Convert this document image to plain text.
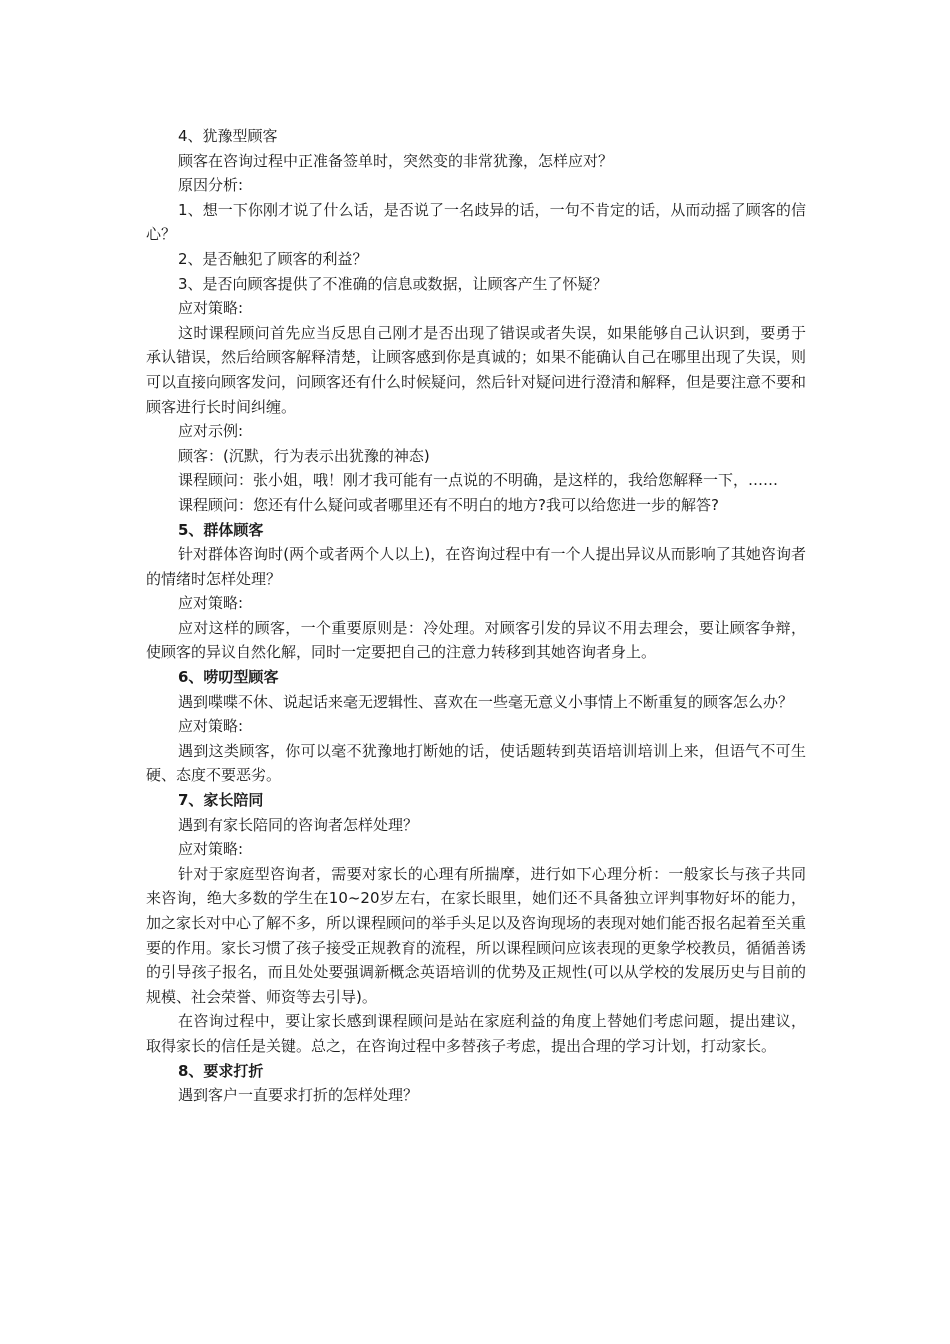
4、犹豫型顾客

顾客在咨询过程中正准备签单时，突然变的非常犹豫，怎样应对？

原因分析:

1、想一下你刚才说了什么话，是否说了一名歧异的话，一句不肯定的话，从而动摇了顾客的信心？

2、是否触犯了顾客的利益？

3、是否向顾客提供了不准确的信息或数据，让顾客产生了怀疑？

应对策略:

这时课程顾问首先应当反思自己刚才是否出现了错误或者失误，如果能够自己认识到，要勇于承认错误，然后给顾客解释清楚，让顾客感到你是真诚的；如果不能确认自己在哪里出现了失误，则可以直接向顾客发问，问顾客还有什么时候疑问，然后针对疑问进行澄清和解释，但是要注意不要和顾客进行长时间纠缠。

应对示例:

顾客：(沉默，行为表示出犹豫的神态)

课程顾问：张小姐，哦！刚才我可能有一点说的不明确，是这样的，我给您解释一下，……

课程顾问：您还有什么疑问或者哪里还有不明白的地方?我可以给您进一步的解答?

5、群体顾客

针对群体咨询时(两个或者两个人以上)，在咨询过程中有一个人提出异议从而影响了其她咨询者的情绪时怎样处理？

应对策略:

应对这样的顾客，一个重要原则是：冷处理。对顾客引发的异议不用去理会，要让顾客争辩，使顾客的异议自然化解，同时一定要把自己的注意力转移到其她咨询者身上。

6、唠叨型顾客

遇到喋喋不休、说起话来毫无逻辑性、喜欢在一些毫无意义小事情上不断重复的顾客怎么办？

应对策略:

遇到这类顾客，你可以毫不犹豫地打断她的话，使话题转到英语培训培训上来，但语气不可生硬、态度不要恶劣。

7、家长陪同

遇到有家长陪同的咨询者怎样处理？

应对策略:

针对于家庭型咨询者，需要对家长的心理有所揣摩，进行如下心理分析：一般家长与孩子共同来咨询，绝大多数的学生在10~20岁左右，在家长眼里，她们还不具备独立评判事物好坏的能力，加之家长对中心了解不多，所以课程顾问的举手头足以及咨询现场的表现对她们能否报名起着至关重要的作用。家长习惯了孩子接受正规教育的流程，所以课程顾问应该表现的更象学校教员，循循善诱的引导孩子报名，而且处处要强调新概念英语培训的优势及正规性(可以从学校的发展历史与目前的规模、社会荣誉、师资等去引导)。

在咨询过程中，要让家长感到课程顾问是站在家庭利益的角度上替她们考虑问题，提出建议，取得家长的信任是关键。总之，在咨询过程中多替孩子考虑，提出合理的学习计划，打动家长。

8、要求打折

遇到客户一直要求打折的怎样处理？
